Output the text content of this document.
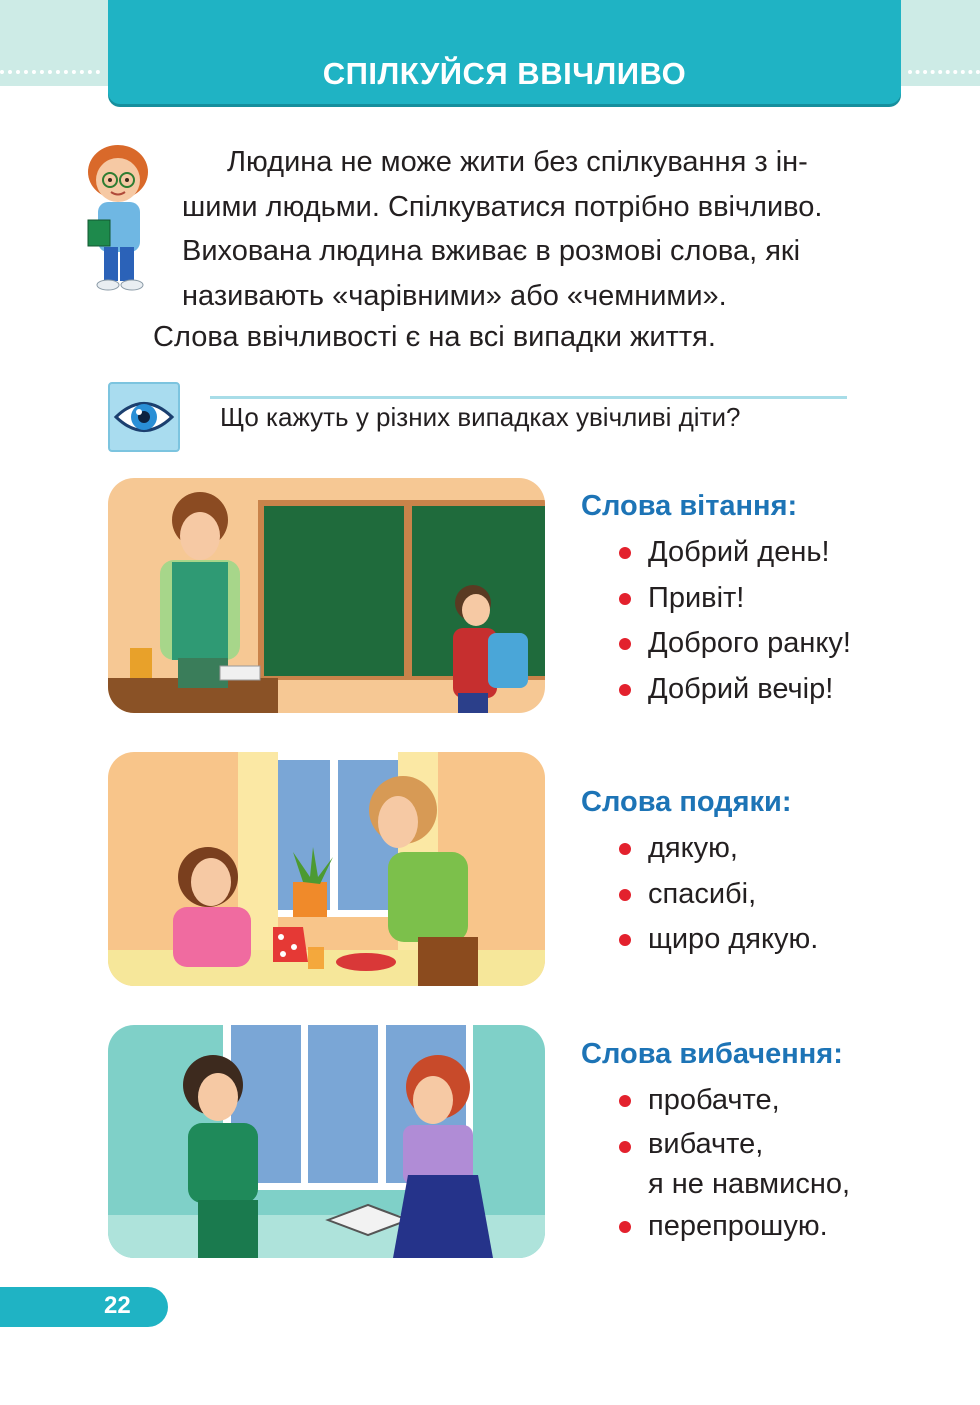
СПІЛКУЙСЯ ВВІЧЛИВО
Людина не може жити без спілкування з ін-
шими людьми. Спілкуватися потрібно ввічливо.
Вихована людина вживає в розмові слова, які
називають «чарівними» або «чемними».
Слова ввічливості є на всі випадки життя.
Що кажуть у різних випадках увічливі діти?
Слова вітання:
Добрий день!
Привіт!
Доброго ранку!
Добрий вечір!
Слова подяки:
дякую,
спасибі,
щиро дякую.
Слова вибачення:
пробачте,
вибачте,
я не навмисно,
перепрошую.
22
